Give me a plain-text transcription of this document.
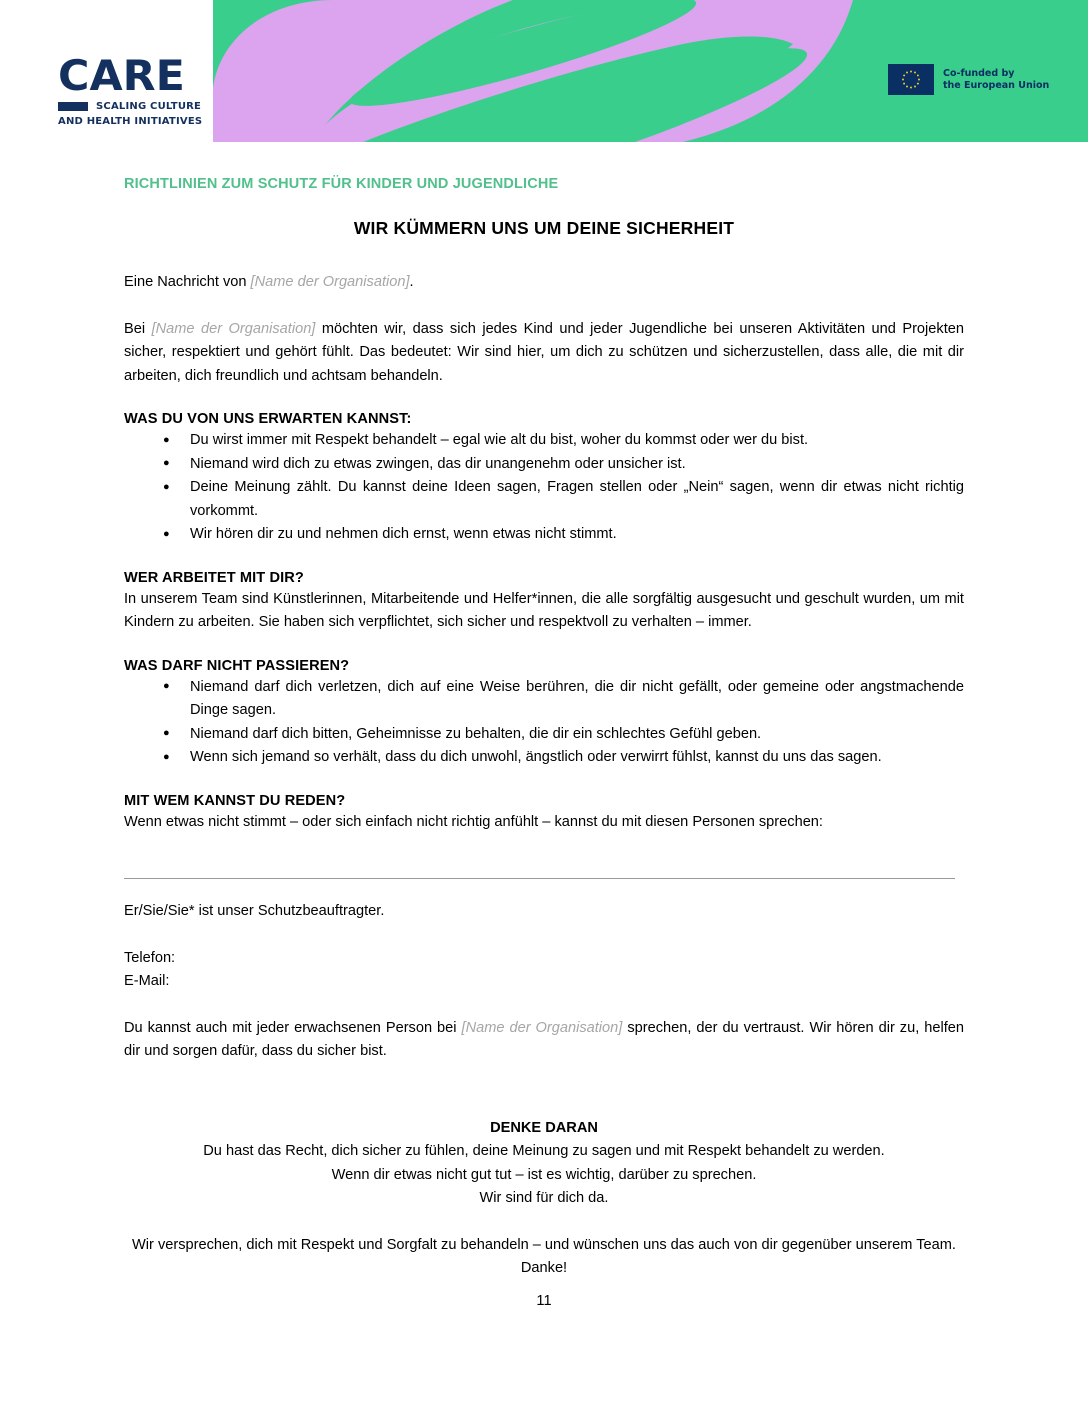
CARE
SCALING CULTURE
AND HEALTH INITIATIVES
Co-funded by
the European Union
RICHTLINIEN ZUM SCHUTZ FÜR KINDER UND JUGENDLICHE
WIR KÜMMERN UNS UM DEINE SICHERHEIT

Eine Nachricht von [Name der Organisation].

Bei [Name der Organisation] möchten wir, dass sich jedes Kind und jeder Jugendliche bei unseren Aktivitäten und Projekten sicher, respektiert und gehört fühlt. Das bedeutet: Wir sind hier, um dich zu schützen und sicherzustellen, dass alle, die mit dir arbeiten, dich freundlich und achtsam behandeln.

WAS DU VON UNS ERWARTEN KANNST:
● Du wirst immer mit Respekt behandelt – egal wie alt du bist, woher du kommst oder wer du bist.
● Niemand wird dich zu etwas zwingen, das dir unangenehm oder unsicher ist.
● Deine Meinung zählt. Du kannst deine Ideen sagen, Fragen stellen oder „Nein“ sagen, wenn dir etwas nicht richtig vorkommt.
● Wir hören dir zu und nehmen dich ernst, wenn etwas nicht stimmt.
WER ARBEITET MIT DIR?

In unserem Team sind Künstlerinnen, Mitarbeitende und Helfer*innen, die alle sorgfältig ausgesucht und geschult wurden, um mit Kindern zu arbeiten. Sie haben sich verpflichtet, sich sicher und respektvoll zu verhalten – immer.

WAS DARF NICHT PASSIEREN?
● Niemand darf dich verletzen, dich auf eine Weise berühren, die dir nicht gefällt, oder gemeine oder angstmachende Dinge sagen.
● Niemand darf dich bitten, Geheimnisse zu behalten, die dir ein schlechtes Gefühl geben.
● Wenn sich jemand so verhält, dass du dich unwohl, ängstlich oder verwirrt fühlst, kannst du uns das sagen.
MIT WEM KANNST DU REDEN?

Wenn etwas nicht stimmt – oder sich einfach nicht richtig anfühlt – kannst du mit diesen Personen sprechen:

Er/Sie/Sie* ist unser Schutzbeauftragter.

Telefon:

E-Mail:

Du kannst auch mit jeder erwachsenen Person bei [Name der Organisation] sprechen, der du vertraust. Wir hören dir zu, helfen dir und sorgen dafür, dass du sicher bist.

DENKE DARAN
Du hast das Recht, dich sicher zu fühlen, deine Meinung zu sagen und mit Respekt behandelt zu werden.
Wenn dir etwas nicht gut tut – ist es wichtig, darüber zu sprechen.
Wir sind für dich da.
Wir versprechen, dich mit Respekt und Sorgfalt zu behandeln – und wünschen uns das auch von dir gegenüber unserem Team. Danke!
11
